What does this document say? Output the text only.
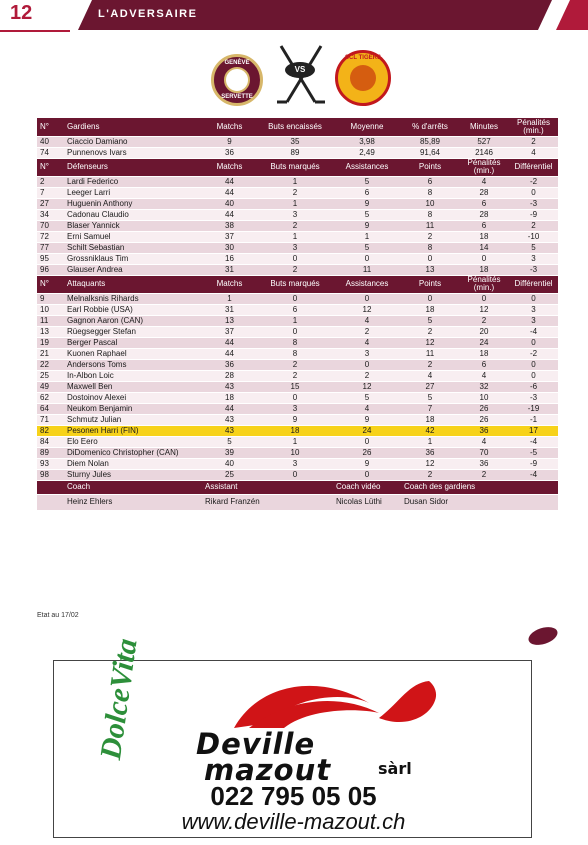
12	L'ADVERSAIRE
GENÈVE
SERVETTE
VS
SCL TIGERS
N°	Gardiens	Matchs	Buts encaissés	Moyenne	% d'arrêts	Minutes	Pénalités (min.)
40	Ciaccio Damiano	9	35	3,98	85,89	527	2
74	Punnenovs Ivars	36	89	2,49	91,64	2146	4
N°	Défenseurs	Matchs	Buts marqués	Assistances	Points	Pénalités (min.)	Différentiel
2	Lardi Federico	44	1	5	6	4	-2
7	Leeger Larri	44	2	6	8	28	0
27	Huguenin Anthony	40	1	9	10	6	-3
34	Cadonau Claudio	44	3	5	8	28	-9
70	Blaser Yannick	38	2	9	11	6	2
72	Erni Samuel	37	1	1	2	18	-10
77	Schilt Sebastian	30	3	5	8	14	5
95	Grossniklaus Tim	16	0	0	0	0	3
96	Glauser Andrea	31	2	11	13	18	-3
N°	Attaquants	Matchs	Buts marqués	Assistances	Points	Pénalités (min.)	Différentiel
9	Melnalksnis Rihards	1	0	0	0	0	0
10	Earl Robbie (USA)	31	6	12	18	12	3
11	Gagnon Aaron (CAN)	13	1	4	5	2	3
13	Rüegsegger Stefan	37	0	2	2	20	-4
19	Berger Pascal	44	8	4	12	24	0
21	Kuonen Raphael	44	8	3	11	18	-2
22	Andersons Toms	36	2	0	2	6	0
25	In-Albon Loic	28	2	2	4	4	0
49	Maxwell Ben	43	15	12	27	32	-6
62	Dostoinov Alexei	18	0	5	5	10	-3
64	Neukom Benjamin	44	3	4	7	26	-19
71	Schmutz Julian	43	9	9	18	26	-1
82	Pesonen Harri (FIN)	43	18	24	42	36	17
84	Elo Eero	5	1	0	1	4	-4
89	DiDomenico Christopher (CAN)	39	10	26	36	70	-5
93	Diem Nolan	40	3	9	12	36	-9
98	Sturny Jules	25	0	0	2	2	-4
	Coach	Assistant		Coach vidéo	Coach des gardiens		
	Heinz Ehlers	Rikard Franzén		Nicolas Lüthi	Dusan Sidor		
Etat au 17/02
DolceVita Deville
mazout	sàrl
022 795 05 05
www.deville-mazout.ch
